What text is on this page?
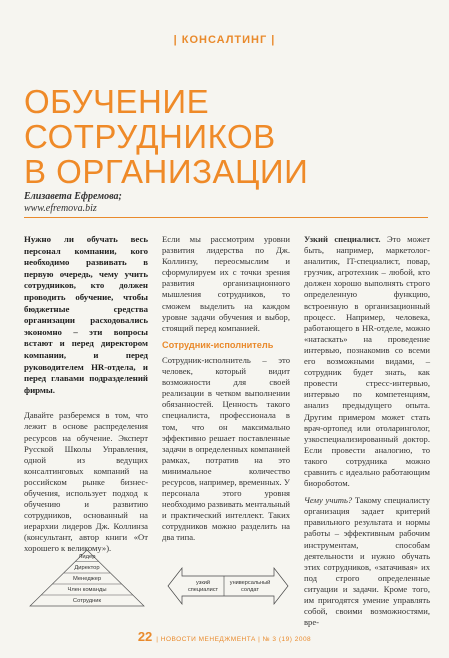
| КОНСАЛТИНГ |
ОБУЧЕНИЕ СОТРУДНИКОВ
В ОРГАНИЗАЦИИ
Елизавета Ефремова;
www.efremova.biz

Нужно ли обучать весь персонал компании, кого необходимо развивать в первую очередь, чему учить сотрудников, кто должен проводить обучение, чтобы бюджетные средства организации расходовались экономно – эти вопросы встают и перед директором компании, и перед руководителем HR-отдела, и перед главами подразделений фирмы.

Давайте разберемся в том, что лежит в основе распределения ресурсов на обучение. Эксперт Русской Школы Управления, одной из ведущих консалтинговых компаний на российском рынке бизнес-обучения, использует подход к обучению и развитию сотрудников, основанный на иерархии лидеров Дж. Коллинза (консультант, автор книги «От хорошего к великому»).

Лидер
Директор
Менеджер
Член команды
Сотрудник

Если мы рассмотрим уровни развития лидерства по Дж. Коллинзу, переосмыслим и сформулируем их с точки зрения развития организационного мышления сотрудников, то сможем выделить на каждом уровне задачи обучения и выбор, стоящий перед компанией.

Сотрудник-исполнитель

Сотрудник-исполнитель – это человек, который видит возможности для своей реализации в четком выполнении обязанностей. Ценность такого специалиста, профессионала в том, что он максимально эффективно решает поставленные задачи в определенных компанией рамках, потратив на это минимальное количество ресурсов, например, временных. У персонала этого уровня необходимо развивать ментальный и практический интеллект. Таких сотрудников можно разделить на два типа.

узкий специалист
универсальный солдат

Узкий специалист. Это может быть, например, маркетолог-аналитик, IT-специалист, повар, грузчик, агротехник – любой, кто должен хорошо выполнять строго определенную функцию, встроенную в организационный процесс. Например, человека, работающего в HR-отделе, можно «натаскать» на проведение интервью, познакомив со всеми его возможными видами, – сотрудник будет знать, как провести стресс-интервью, интервью по компетенциям, анализ предыдущего опыта. Другим примером может стать врач-ортопед или отоларинголог, узкоспециализированный доктор. Если провести аналогию, то такого сотрудника можно сравнить с идеально работающим биороботом.

Чему учить? Такому специалисту организация задает критерий правильного результата и нормы работы – эффективным рабочим инструментам, способам деятельности и нужно обучать этих сотрудников, «затачивая» их под строго определенные ситуации и задачи. Кроме того, им пригодятся умение управлять собой, своими возможностями, вре-

22 | НОВОСТИ МЕНЕДЖМЕНТА | № 3 (19) 2008
